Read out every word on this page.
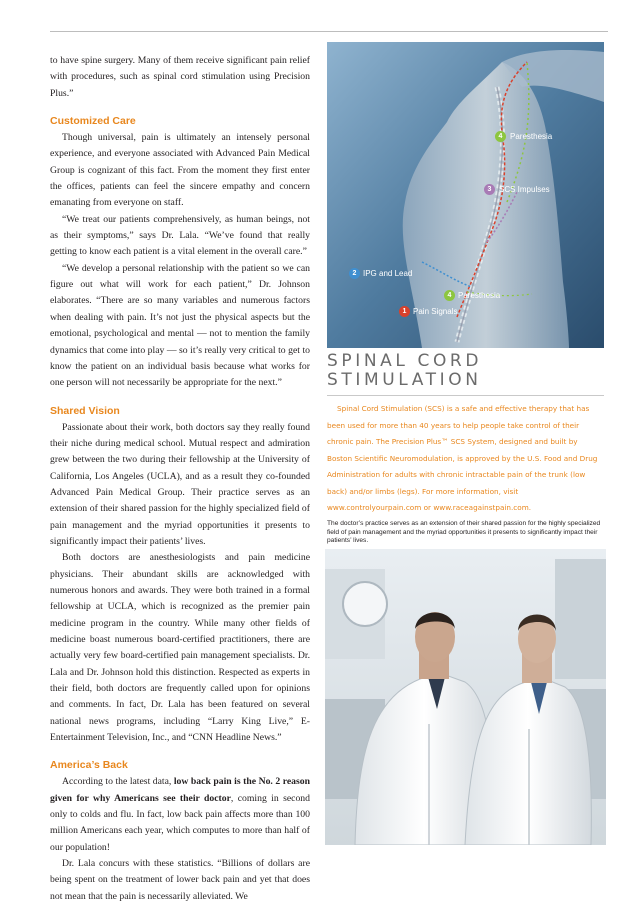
to have spine surgery. Many of them receive significant pain relief with procedures, such as spinal cord stimulation using Precision Plus.”

Customized Care

Though universal, pain is ultimately an intensely personal experience, and everyone associated with Advanced Pain Medical Group is cognizant of this fact. From the moment they first enter the offices, patients can feel the sincere empathy and concern emanating from everyone on staff.

“We treat our patients comprehensively, as human beings, not as their symptoms,” says Dr. Lala. “We’ve found that really getting to know each patient is a vital element in the overall care.”

“We develop a personal relationship with the patient so we can figure out what will work for each patient,” Dr. Johnson elaborates. “There are so many variables and numerous factors when dealing with pain. It’s not just the physical aspects but the emotional, psychological and mental — not to mention the family dynamics that come into play — so it’s really very critical to get to know the patient on an individual basis because what works for one person will not necessarily be appropriate for the next.”

Shared Vision

Passionate about their work, both doctors say they really found their niche during medical school. Mutual respect and admiration grew between the two during their fellowship at the University of California, Los Angeles (UCLA), and as a result they co-founded Advanced Pain Medical Group. Their practice serves as an extension of their shared passion for the highly specialized field of pain management and the myriad opportunities it presents to significantly impact their patients’ lives.

Both doctors are anesthesiologists and pain medicine physicians. Their abundant skills are acknowledged with numerous honors and awards. They were both trained in a formal fellowship at UCLA, which is recognized as the premier pain medicine program in the country. While many other fields of medicine boast numerous board-certified practitioners, there are actually very few board-certified pain management specialists. Dr. Lala and Dr. Johnson hold this distinction. Respected as experts in their field, both doctors are frequently called upon for opinions and comments. In fact, Dr. Lala has been featured on several national news programs, including “Larry King Live,” E-Entertainment Television, Inc., and “CNN Headline News.”

America’s Back

According to the latest data, low back pain is the No. 2 reason given for why Americans see their doctor, coming in second only to colds and flu. In fact, low back pain affects more than 100 million Americans each year, which computes to more than half of our population!

Dr. Lala concurs with these statistics. “Billions of dollars are being spent on the treatment of lower back pain and yet that does not mean that the pain is necessarily alleviated. We

4 Paresthesia
3 SCS Impulses
2 IPG and Lead
4 Paresthesia
1 Pain Signals
SPINAL CORD
STIMULATION
Spinal Cord Stimulation (SCS) is a safe and effective therapy that has been used for more than 40 years to help people take control of their chronic pain. The Precision Plus™ SCS System, designed and built by Boston Scientific Neuromodulation, is approved by the U.S. Food and Drug Administration for adults with chronic intractable pain of the trunk (low back) and/or limbs (legs). For more information, visit www.controlyourpain.com or www.raceagainstpain.com.
The doctor’s practice serves as an extension of their shared passion for the highly specialized field of pain management and the myriad opportunities it presents to significantly impact their patients’ lives.
